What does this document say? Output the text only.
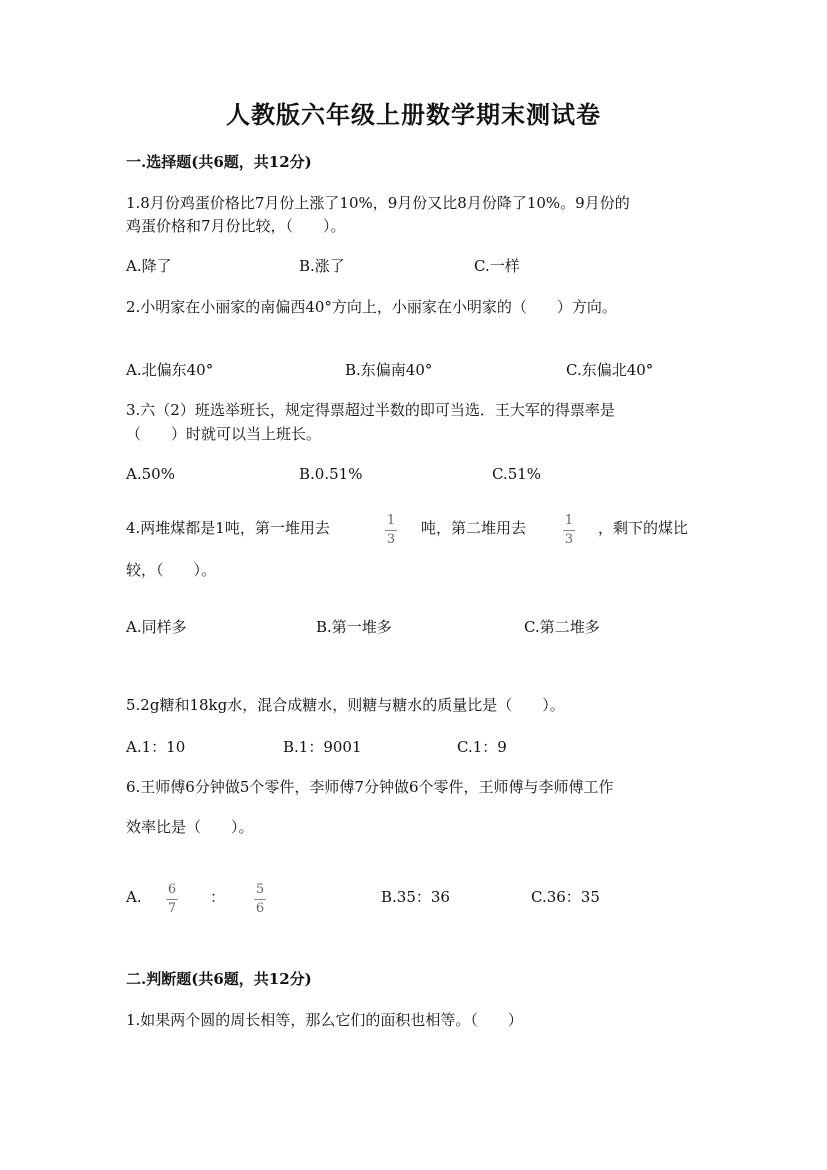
人教版六年级上册数学期末测试卷
一.选择题(共6题，共12分)
1.8月份鸡蛋价格比7月份上涨了10%，9月份又比8月份降了10%。9月份的
鸡蛋价格和7月份比较，（　　）。
A.降了	B.涨了	C.一样
2.小明家在小丽家的南偏西40°方向上，小丽家在小明家的（　　）方向。
A.北偏东40°	B.东偏南40°	C.东偏北40°
3.六（2）班选举班长，规定得票超过半数的即可当选．王大军的得票率是
（　　）时就可以当上班长。
A.50%	B.0.51%	C.51%
4.两堆煤都是1吨，第一堆用去	1
3
吨，第二堆用去	1
3
，剩下的煤比
较，（　　）。
A.同样多	B.第一堆多	C.第二堆多
5.2g糖和18kg水，混合成糖水，则糖与糖水的质量比是（　　）。
A.1：10	B.1：9001	C.1：9
6.王师傅6分钟做5个零件，李师傅7分钟做6个零件，王师傅与李师傅工作
效率比是（　　）。
A. 6
7
： 5
6
B.35：36	C.36：35
二.判断题(共6题，共12分)
1.如果两个圆的周长相等，那么它们的面积也相等。（　　）
